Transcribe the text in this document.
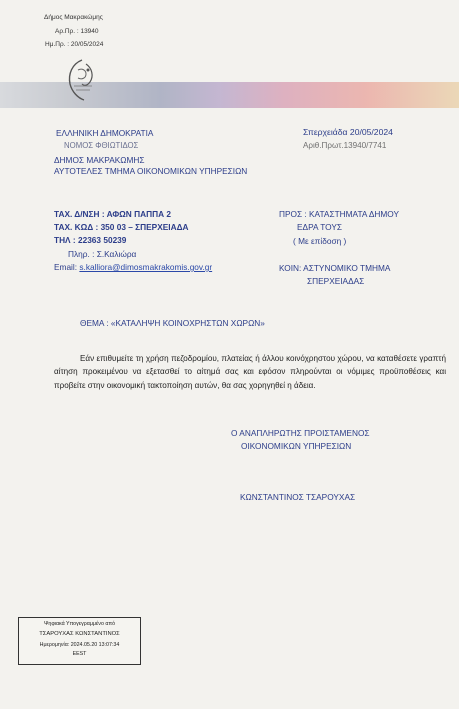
Δήμος Μακρακώμης
Αρ.Πρ. : 13940
Ημ.Πρ. : 20/05/2024
ΕΛΛΗΝΙΚΗ ΔΗΜΟΚΡΑΤΙΑ
ΝΟΜΟΣ ΦΘΙΩΤΙΔΟΣ
ΔΗΜΟΣ ΜΑΚΡΑΚΩΜΗΣ
ΑΥΤΟΤΕΛΕΣ ΤΜΗΜΑ ΟΙΚΟΝΟΜΙΚΩΝ ΥΠΗΡΕΣΙΩΝ
Σπερχειάδα 20/05/2024
Αριθ.Πρωτ.13940/7741
ΤΑΧ. Δ/ΝΣΗ : ΑΦΩΝ ΠΑΠΠΑ 2
ΤΑΧ. ΚΩΔ : 350 03 – ΣΠΕΡΧΕΙΑΔΑ
ΤΗΛ : 22363 50239
Πληρ. : Σ.Καλιώρα
Email: s.kalliora@dimosmakrakomis.gov.gr
ΠΡΟΣ : ΚΑΤΑΣΤΗΜΑΤΑ ΔΗΜΟΥ
ΕΔΡΑ ΤΟΥΣ
( Με επίδοση )
ΚΟΙΝ: ΑΣΤΥΝΟΜΙΚΟ ΤΜΗΜΑ
ΣΠΕΡΧΕΙΑΔΑΣ
ΘΕΜΑ : «ΚΑΤΑΛΗΨΗ ΚΟΙΝΟΧΡΗΣΤΩΝ ΧΩΡΩΝ»

Εάν επιθυμείτε τη χρήση πεζοδρομίου, πλατείας ή άλλου κοινόχρηστου χώρου, να καταθέσετε γραπτή αίτηση προκειμένου να εξετασθεί το αίτημά σας και εφόσον πληρούνται οι νόμιμες προϋποθέσεις και προβείτε στην οικονομική τακτοποίηση αυτών, θα σας χορηγηθεί η άδεια.

Ο ΑΝΑΠΛΗΡΩΤΗΣ ΠΡΟΙΣΤΑΜΕΝΟΣ
ΟΙΚΟΝΟΜΙΚΩΝ ΥΠΗΡΕΣΙΩΝ
ΚΩΝΣΤΑΝΤΙΝΟΣ ΤΣΑΡΟΥΧΑΣ
Ψηφιακά Υπογεγραμμένο από
ΤΣΑΡΟΥΧΑΣ ΚΩΝΣΤΑΝΤΙΝΟΣ
Ημερομηνία: 2024.05.20 13:07:34
EEST
